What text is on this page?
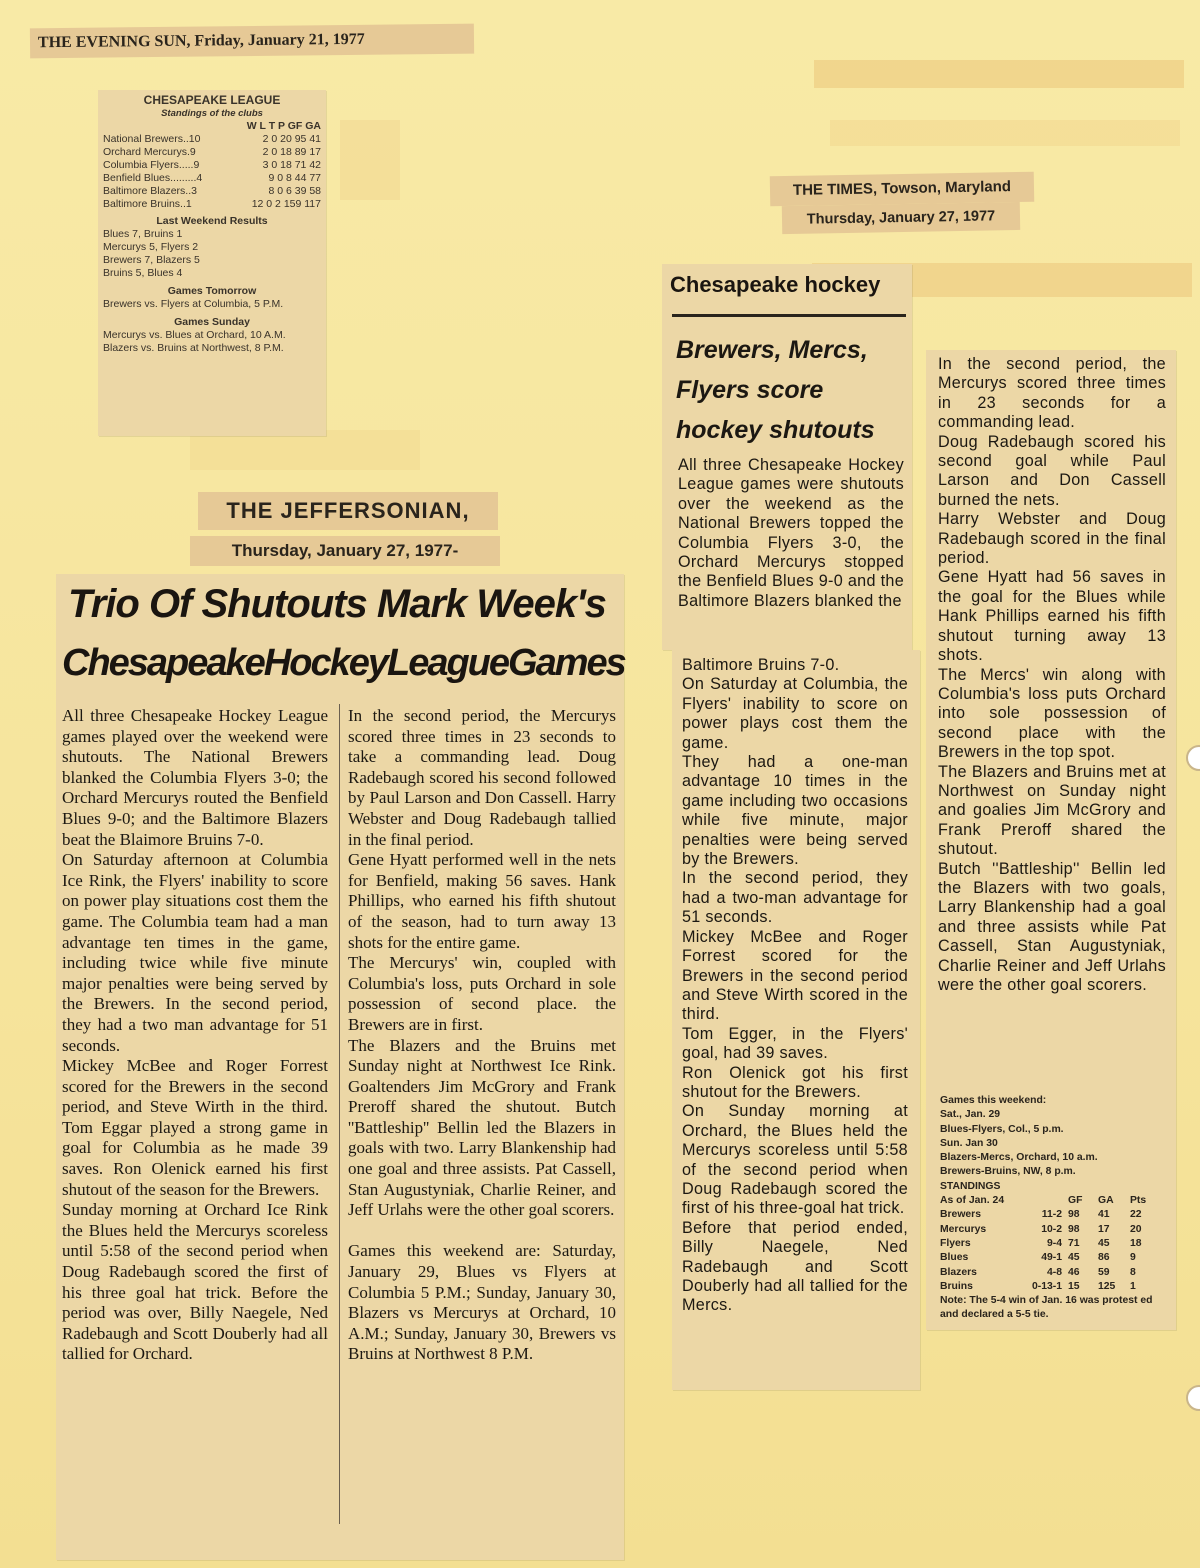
THE EVENING SUN, Friday, January 21, 1977
CHESAPEAKE LEAGUE
Standings of the clubs
W L T P GF GA
National Brewers..10	2 0 20 95 41
Orchard Mercurys.9	2 0 18 89 17
Columbia Flyers.....9	3 0 18 71 42
Benfield Blues.........4	9 0 8 44 77
Baltimore Blazers..3	8 0 6 39 58
Baltimore Bruins..1	12 0 2 159 117
Last Weekend Results
Blues 7, Bruins 1
Mercurys 5, Flyers 2
Brewers 7, Blazers 5
Bruins 5, Blues 4
Games Tomorrow
Brewers vs. Flyers at Columbia, 5 P.M.
Games Sunday
Mercurys vs. Blues at Orchard, 10 A.M.
Blazers vs. Bruins at Northwest, 8 P.M.
THE JEFFERSONIAN,
Thursday, January 27, 1977-
Trio Of Shutouts Mark Week's
ChesapeakeHockeyLeagueGames
All three Chesapeake Hockey League games played over the weekend were shutouts. The National Brewers blanked the Columbia Flyers 3-0; the Orchard Mercurys routed the Benfield Blues 9-0; and the Baltimore Blazers beat the Blaimore Bruins 7-0.
On Saturday afternoon at Columbia Ice Rink, the Flyers' inability to score on power play situations cost them the game. The Columbia team had a man advantage ten times in the game, including twice while five minute major penalties were being served by the Brewers. In the second period, they had a two man advantage for 51 seconds.
Mickey McBee and Roger Forrest scored for the Brewers in the second period, and Steve Wirth in the third. Tom Eggar played a strong game in goal for Columbia as he made 39 saves. Ron Olenick earned his first shutout of the season for the Brewers.
Sunday morning at Orchard Ice Rink the Blues held the Mercurys scoreless until 5:58 of the second period when Doug Radebaugh scored the first of his three goal hat trick. Before the period was over, Billy Naegele, Ned Radebaugh and Scott Douberly had all tallied for Orchard.
In the second period, the Mercurys scored three times in 23 seconds to take a commanding lead. Doug Radebaugh scored his second followed by Paul Larson and Don Cassell. Harry Webster and Doug Radebaugh tallied in the final period.
Gene Hyatt performed well in the nets for Benfield, making 56 saves. Hank Phillips, who earned his fifth shutout of the season, had to turn away 13 shots for the entire game.
The Mercurys' win, coupled with Columbia's loss, puts Orchard in sole possession of second place. the Brewers are in first.
The Blazers and the Bruins met Sunday night at Northwest Ice Rink. Goaltenders Jim McGrory and Frank Preroff shared the shutout. Butch ''Battleship'' Bellin led the Blazers in goals with two. Larry Blankenship had one goal and three assists. Pat Cassell, Stan Augustyniak, Charlie Reiner, and Jeff Urlahs were the other goal scorers.

Games this weekend are: Saturday, January 29, Blues vs Flyers at Columbia 5 P.M.; Sunday, January 30, Blazers vs Mercurys at Orchard, 10 A.M.; Sunday, January 30, Brewers vs Bruins at Northwest 8 P.M.
THE TIMES, Towson, Maryland
Thursday, January 27, 1977
Chesapeake hockey
Brewers, Mercs,
Flyers score
hockey shutouts
All three Chesapeake Hockey League games were shutouts over the weekend as the National Brewers topped the Columbia Flyers 3-0, the Orchard Mercurys stopped the Benfield Blues 9-0 and the Baltimore Blazers blanked the
Baltimore Bruins 7-0.
On Saturday at Columbia, the Flyers' inability to score on power plays cost them the game.
They had a one-man advantage 10 times in the game including two occasions while five minute, major penalties were being served by the Brewers.
In the second period, they had a two-man advantage for 51 seconds.
Mickey McBee and Roger Forrest scored for the Brewers in the second period and Steve Wirth scored in the third.
Tom Egger, in the Flyers' goal, had 39 saves.
Ron Olenick got his first shutout for the Brewers.
On Sunday morning at Orchard, the Blues held the Mercurys scoreless until 5:58 of the second period when Doug Radebaugh scored the first of his three-goal hat trick.
Before that period ended, Billy Naegele, Ned Radebaugh and Scott Douberly had all tallied for the Mercs.
In the second period, the Mercurys scored three times in 23 seconds for a commanding lead.
Doug Radebaugh scored his second goal while Paul Larson and Don Cassell burned the nets.
Harry Webster and Doug Radebaugh scored in the final period.
Gene Hyatt had 56 saves in the goal for the Blues while Hank Phillips earned his fifth shutout turning away 13 shots.
The Mercs' win along with Columbia's loss puts Orchard into sole possession of second place with the Brewers in the top spot.
The Blazers and Bruins met at Northwest on Sunday night and goalies Jim McGrory and Frank Preroff shared the shutout.
Butch ''Battleship'' Bellin led the Blazers with two goals, Larry Blankenship had a goal and three assists while Pat Cassell, Stan Augustyniak, Charlie Reiner and Jeff Urlahs were the other goal scorers.
Games this weekend:
Sat., Jan. 29
Blues-Flyers, Col., 5 p.m.
Sun. Jan 30
Blazers-Mercs, Orchard, 10 a.m.
Brewers-Bruins, NW, 8 p.m.
STANDINGS
As of Jan. 24	GF	GA	Pts
Brewers	11-2 98	41	22
Mercurys	10-2 98	17	20
Flyers	9-4 71	45	18
Blues	49-1 45	86	9
Blazers	4-8 46	59	8
Bruins	0-13-1 15	125	1
Note: The 5-4 win of Jan. 16 was protest ed and declared a 5-5 tie.
